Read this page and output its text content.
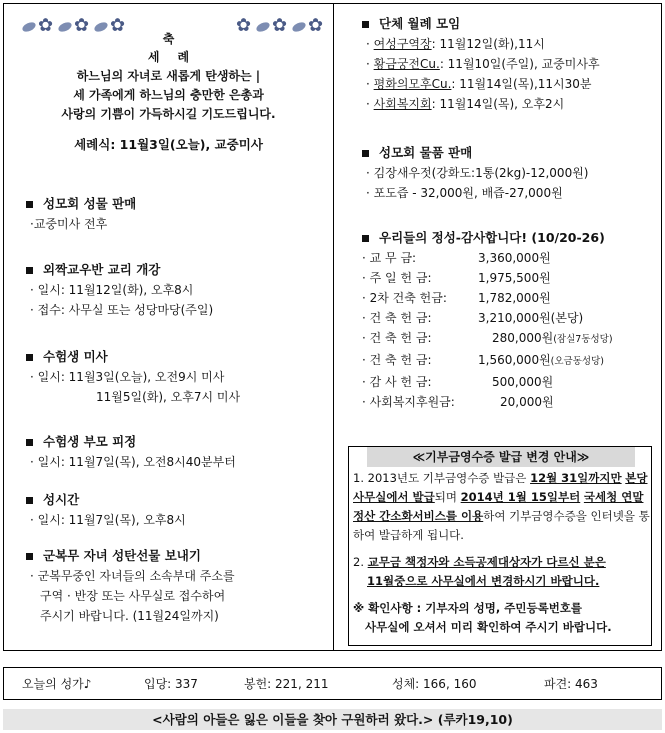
✿
✿
✿
✿
✿
✿
축
세례
하느님의 자녀로 새롭게 탄생하는 |
세 가족에게 하느님의 충만한 은총과
사랑의 기쁨이 가득하시길 기도드립니다.
세례식: 11월3일(오늘), 교중미사
성모회 성물 판매
·교중미사 전후
외짝교우반 교리 개강
· 일시: 11월12일(화), 오후8시
· 접수: 사무실 또는 성당마당(주일)
수험생 미사
· 일시: 11월3일(오늘), 오전9시 미사
11월5일(화), 오후7시 미사
수험생 부모 피정
· 일시: 11월7일(목), 오전8시40분부터
성시간
· 일시: 11월7일(목), 오후8시
군복무 자녀 성탄선물 보내기
· 군복무중인 자녀들의 소속부대 주소를
구역 · 반장 또는 사무실로 접수하여
주시기 바랍니다. (11월24일까지)
단체 월례 모임
· 여성구역장: 11월12일(화),11시
· 황금궁전Cu.: 11월10일(주일), 교중미사후
· 평화의모후Cu.: 11월14일(목),11시30분
· 사회복지회: 11월14일(목), 오후2시
성모회 물품 판매
· 김장새우젓(강화도:1통(2kg)-12,000원)
· 포도즙 - 32,000원, 배즙-27,000원
우리들의 정성-감사합니다! (10/20-26)
· 교 무 금:	3,360,000원
· 주 일 헌 금:	1,975,500원
· 2차 건축 헌금:	1,782,000원
· 건 축 헌 금:	3,210,000원(본당)
· 건 축 헌 금:	280,000원(잠실7동성당)
· 건 축 헌 금:	1,560,000원(오금동성당)
· 감 사 헌 금:	500,000원
· 사회복지후원금:	20,000원
≪기부금영수증 발급 변경 안내≫
1. 2013년도 기부금영수증 발급은 12월 31일까지만 본당 사무실에서 발급되며 2014년 1월 15일부터 국세청 연말정산 간소화서비스를 이용하여 기부금영수증을 인터넷을 통하여 발급하게 됩니다.
2. 교무금 책정자와 소득공제대상자가 다르신 분은
11월중으로 사무실에서 변경하시기 바랍니다.
※ 확인사항 : 기부자의 성명, 주민등록번호를
사무실에 오셔서 미리 확인하여 주시기 바랍니다.
오늘의 성가♪	입당: 337	봉헌: 221, 211	성체: 166, 160	파견: 463
<사람의 아들은 잃은 이들을 찾아 구원하러 왔다.> (루카19,10)
